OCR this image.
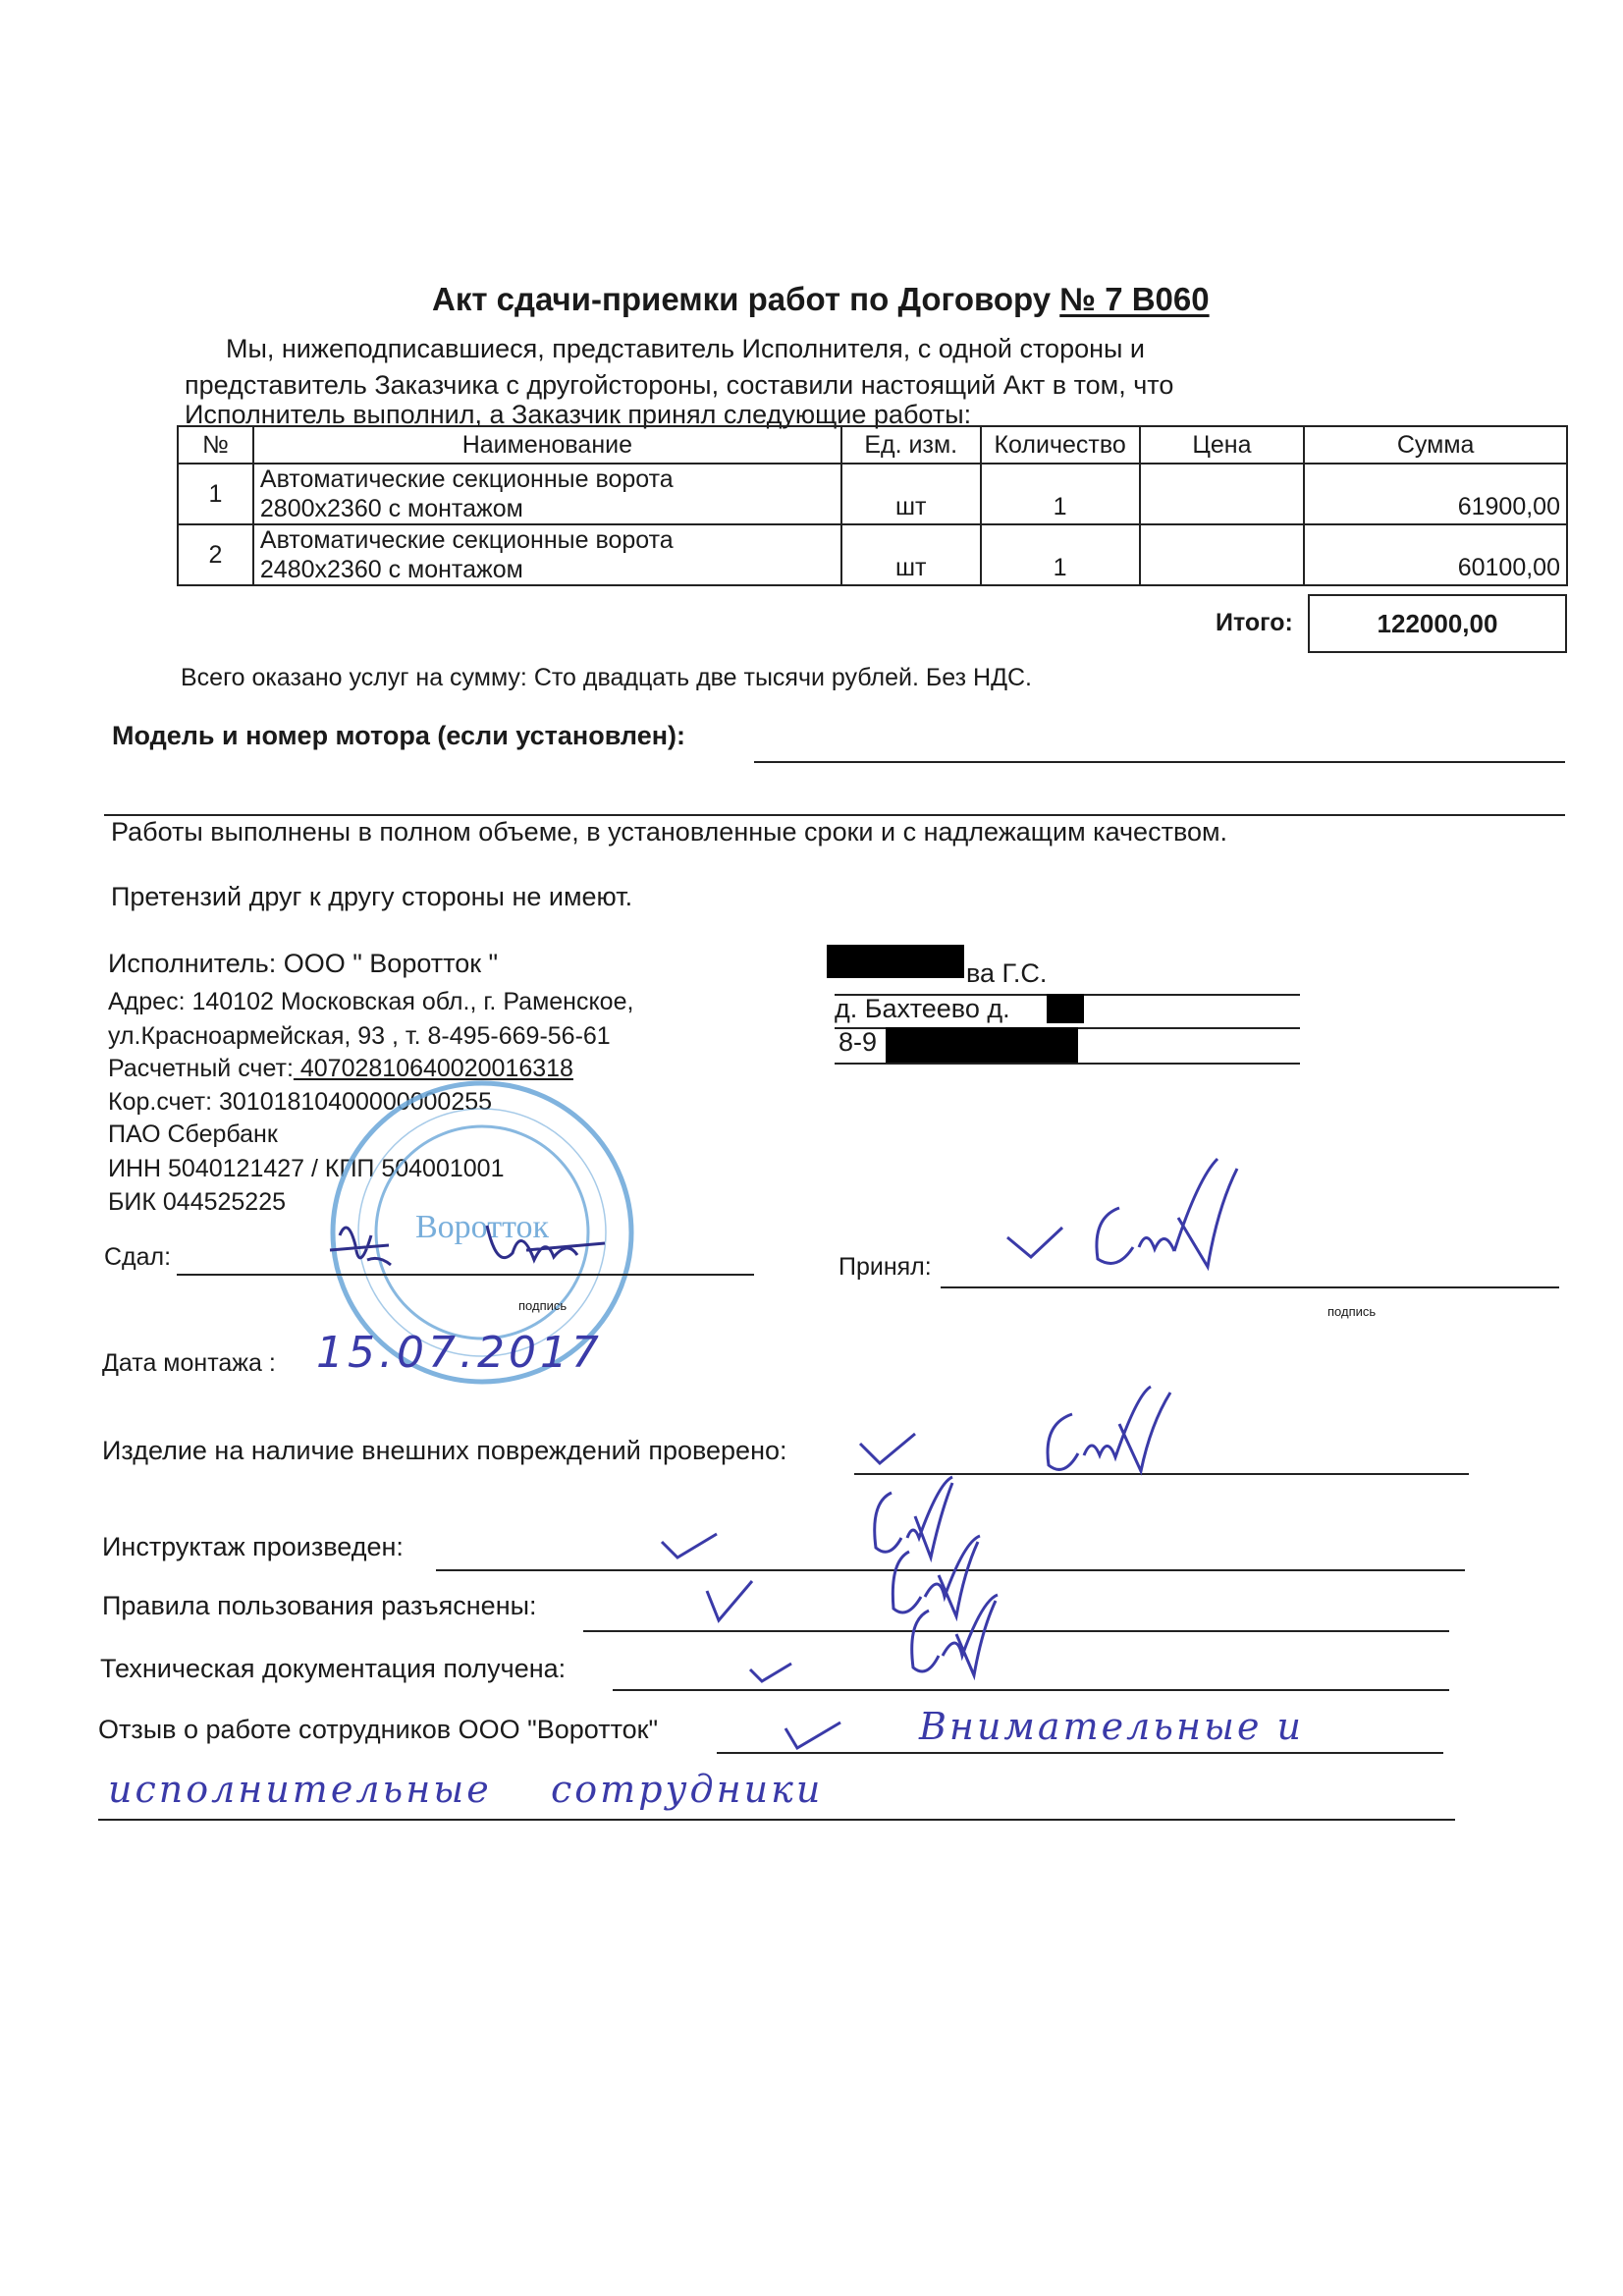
Акт сдачи-приемки работ по Договору № 7 В060
Мы, нижеподписавшиеся, представитель Исполнителя, с одной стороны и
представитель Заказчика с другойстороны, составили настоящий Акт в том, что
Исполнитель выполнил, а Заказчик принял следующие работы:
№	Наименование	Ед. изм.	Количество	Цена	Сумма
1	Автоматические секционные ворота
2800x2360 с монтажом	шт	1		61900,00
2	Автоматические секционные ворота
2480x2360 с монтажом	шт	1		60100,00
Итого:	122000,00
Всего оказано услуг на сумму: Сто двадцать две тысячи рублей. Без НДС.
Модель и номер мотора (если установлен):
Работы выполнены в полном объеме, в установленные сроки и с надлежащим качеством.
Претензий друг к другу стороны не имеют.
Исполнитель: ООО " Воротток "
Адрес: 140102 Московская обл., г. Раменское,
ул.Красноармейская, 93 , т. 8-495-669-56-61
Расчетный счет: 40702810640020016318
Кор.счет: 30101810400000000255
ПАО Сбербанк
ИНН 5040121427 / КПП 504001001
БИК 044525225
ва Г.С.
д. Бахтеево д.
8-9
Воротток
Сдал:
подпись
Принял:
подпись
Дата монтажа : 15.07.2017
Изделие на наличие внешних повреждений проверено:
Инструктаж произведен:
Правила пользования разъяснены:
Техническая документация получена:
Отзыв о работе сотрудников ООО "Воротток"	Внимательные и
исполнительные    сотрудники
